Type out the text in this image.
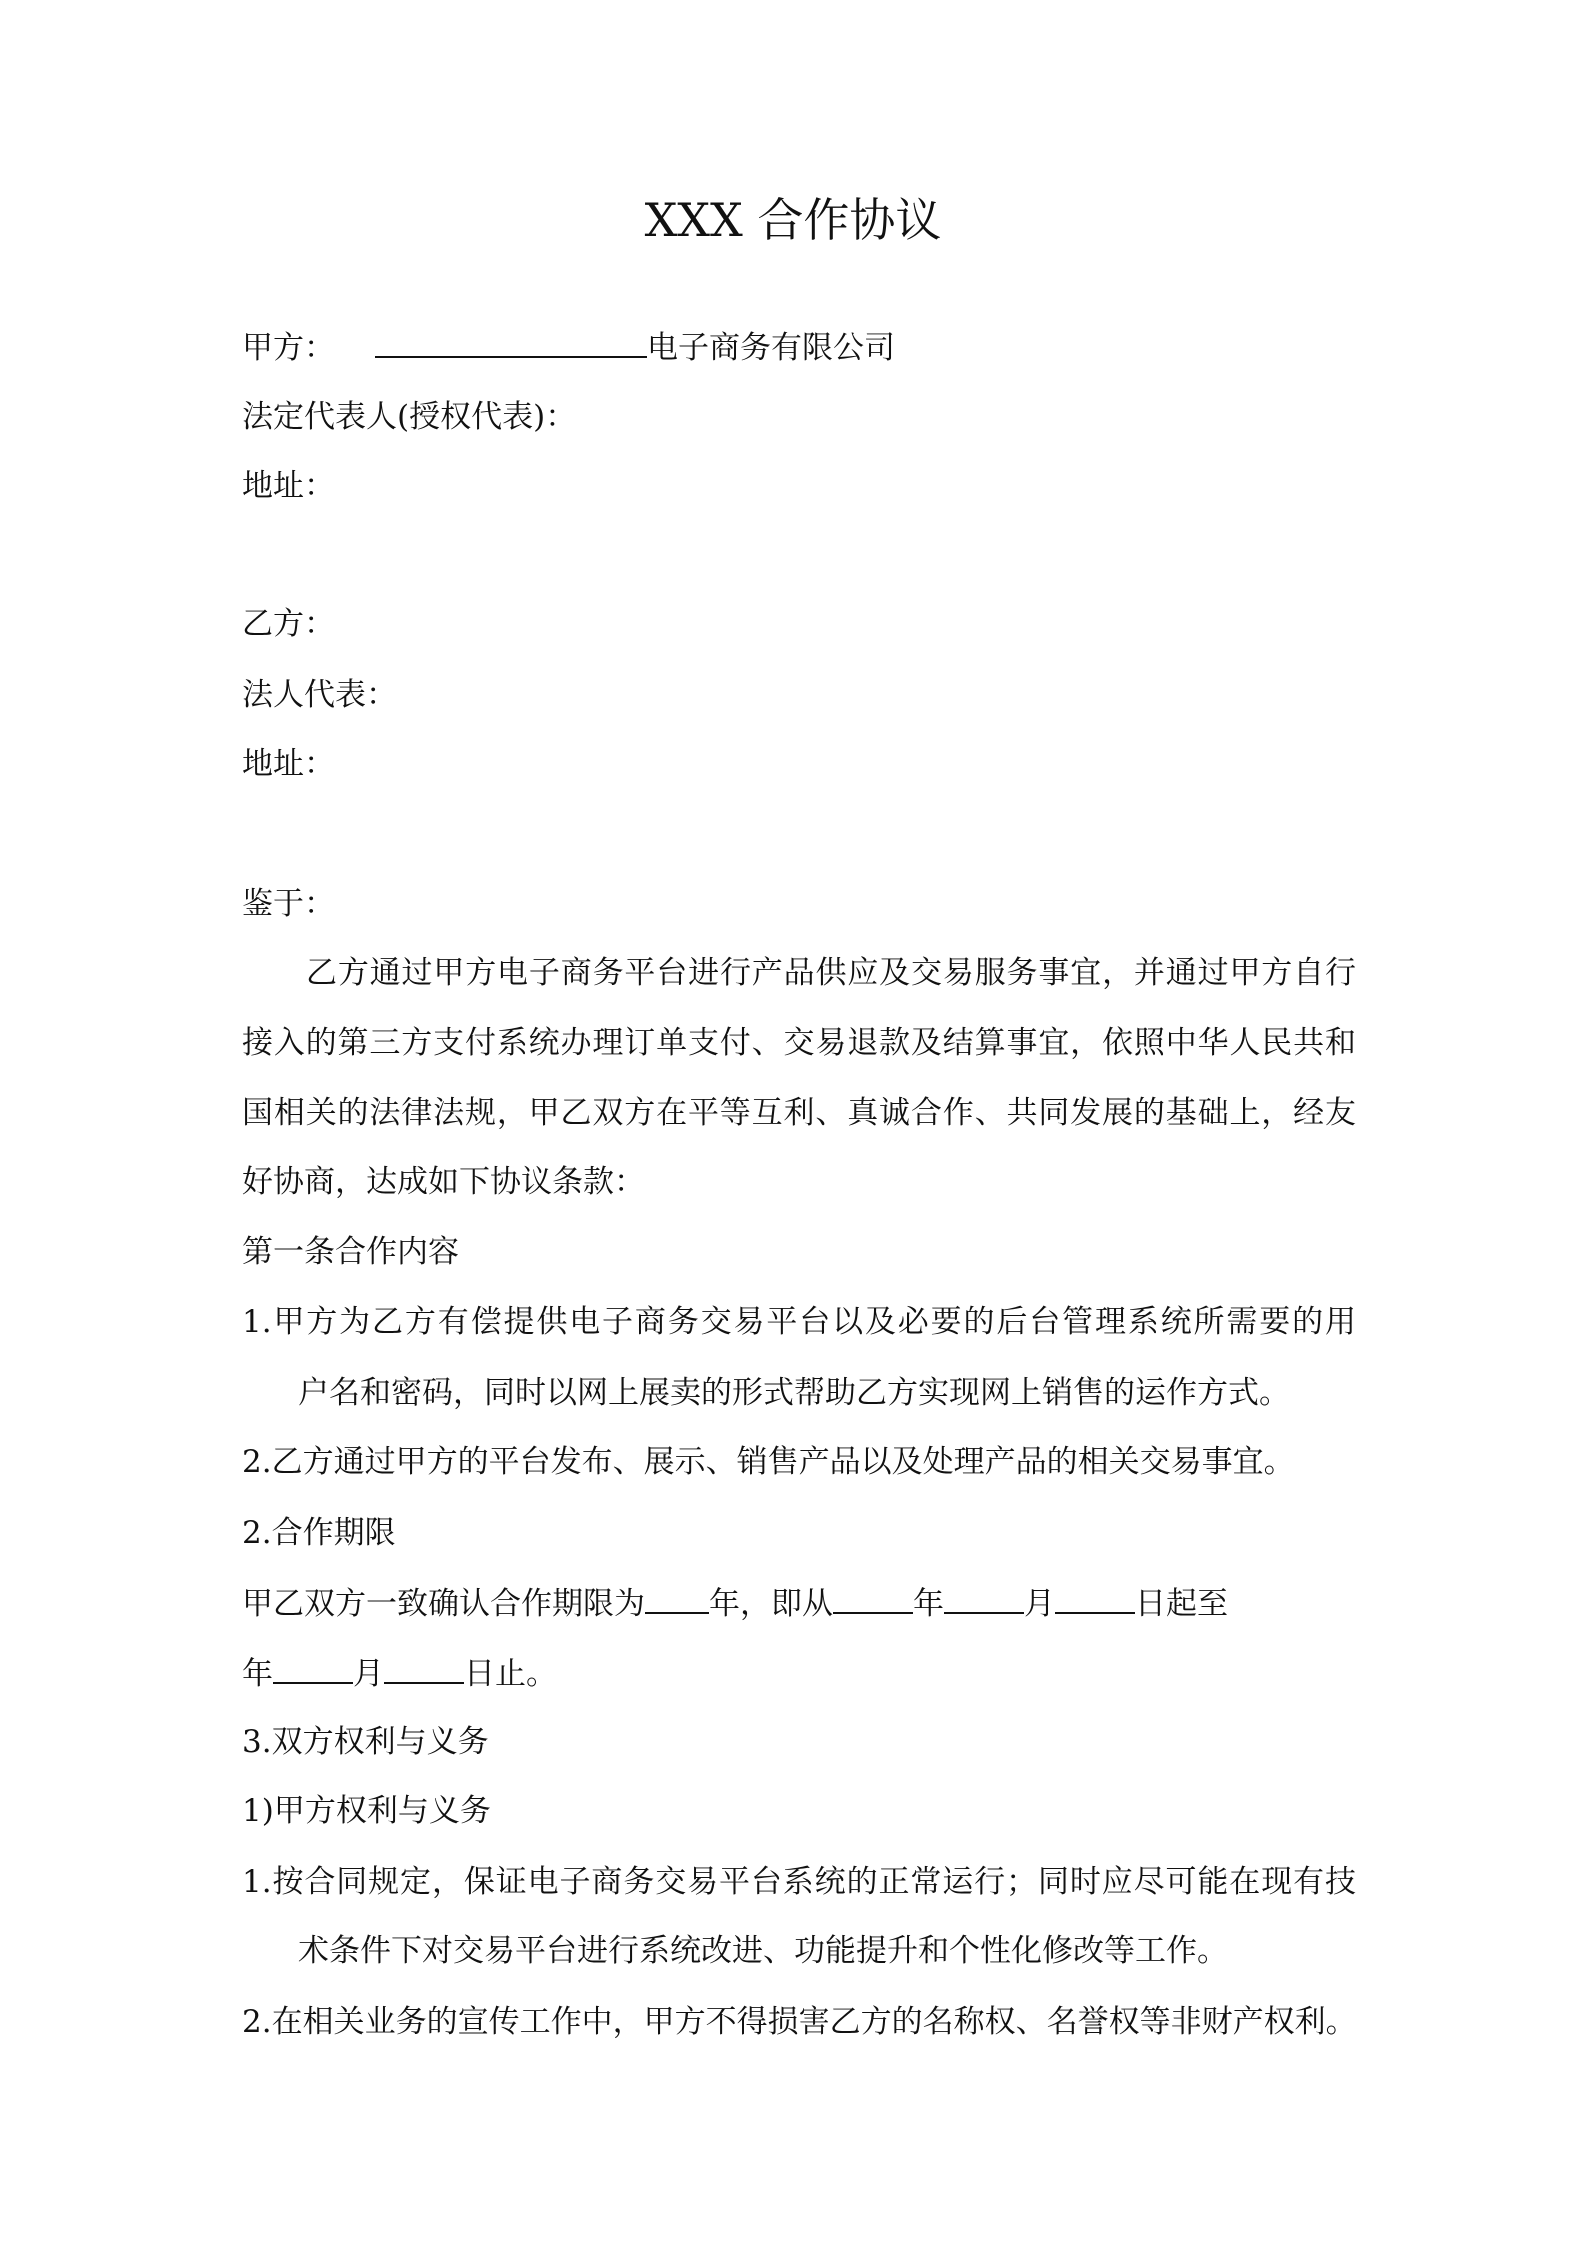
XXX 合作协议
甲方：	电子商务有限公司
法定代表人(授权代表)：
地址：
乙方：
法人代表：
地址：
鉴于：
乙方通过甲方电子商务平台进行产品供应及交易服务事宜，并通过甲方自行
接入的第三方支付系统办理订单支付、交易退款及结算事宜，依照中华人民共和
国相关的法律法规，甲乙双方在平等互利、真诚合作、共同发展的基础上，经友
好协商，达成如下协议条款：
第一条合作内容
1.甲方为乙方有偿提供电子商务交易平台以及必要的后台管理系统所需要的用
户名和密码，同时以网上展卖的形式帮助乙方实现网上销售的运作方式。
2.乙方通过甲方的平台发布、展示、销售产品以及处理产品的相关交易事宜。
2.合作期限
甲乙双方一致确认合作期限为 年，即从	年	月	日起至
年	月	日止。
3.双方权利与义务
1)甲方权利与义务
1.按合同规定，保证电子商务交易平台系统的正常运行；同时应尽可能在现有技
术条件下对交易平台进行系统改进、功能提升和个性化修改等工作。
2.在相关业务的宣传工作中，甲方不得损害乙方的名称权、名誉权等非财产权利。
